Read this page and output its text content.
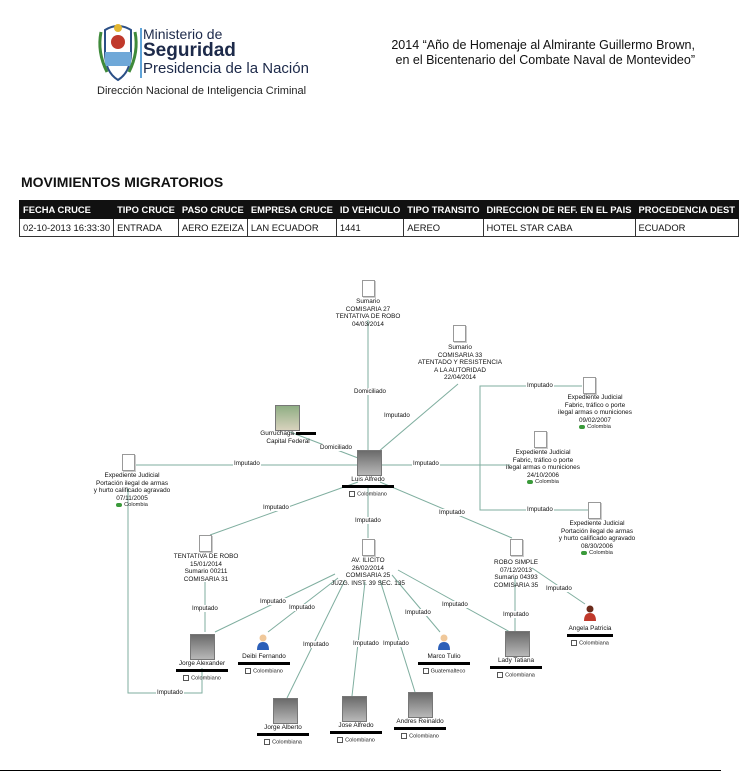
Ministerio de
Seguridad
Presidencia de la Nación
Dirección Nacional de Inteligencia Criminal
2014 “Año de Homenaje al Almirante Guillermo Brown,
en el Bicentenario del Combate Naval de Montevideo”
MOVIMIENTOS MIGRATORIOS
FECHA CRUCE	TIPO CRUCE	PASO CRUCE	EMPRESA CRUCE	ID VEHICULO	TIPO TRANSITO	DIRECCION DE REF. EN EL PAIS	PROCEDENCIA DEST
02-10-2013 16:33:30	ENTRADA	AERO EZEIZA	LAN ECUADOR	1441	AEREO	HOTEL STAR CABA	ECUADOR
Sumario
COMISARIA 27
TENTATIVA DE ROBO
04/03/2014
Sumario
COMISARIA 33
ATENTADO Y RESISTENCIA
A LA AUTORIDAD
22/04/2014
Expediente Judicial
Fabric, tráfico o porte
ilegal armas o municiones
09/02/2007
Colombia
Expediente Judicial
Fabric, tráfico o porte
ilegal armas o municiones
24/10/2006
Colombia
Expediente Judicial
Portación ilegal de armas
y hurto calificado agravado
08/30/2006
Colombia
Expediente Judicial
Portación ilegal de armas
y hurto calificado agravado
07/11/2005
Colombia
Gurruchaga
Capital Federal
Luis Alfredo
Colombiano
TENTATIVA DE ROBO
15/01/2014
Sumario 00211
COMISARIA 31
AV. ILICITO
26/02/2014
COMISARIA 25
JUZG. INST. 39 SEC. 135
ROBO SIMPLE
07/12/2013
Sumario 04393
COMISARIA 35
Jorge Alexander
Colombiano
Deibi Fernando
Colombiano
Marco Tulio
Guatemalteco
Lady Tatiana
Colombiana
Angela Patricia
Colombiana
Jorge Alberto
Colombiana
Jose Alfredo
Colombiano
Andres Reinaldo
Colombiano
Domiciliado
Imputado
Domiciliado
Imputado	Imputado
Imputado
Imputado
Imputado
Imputado
Imputado
Imputado
Imputado
Imputado
Imputado	Imputado Imputado
Imputado
Imputado
Imputado
Imputado
Imputado
